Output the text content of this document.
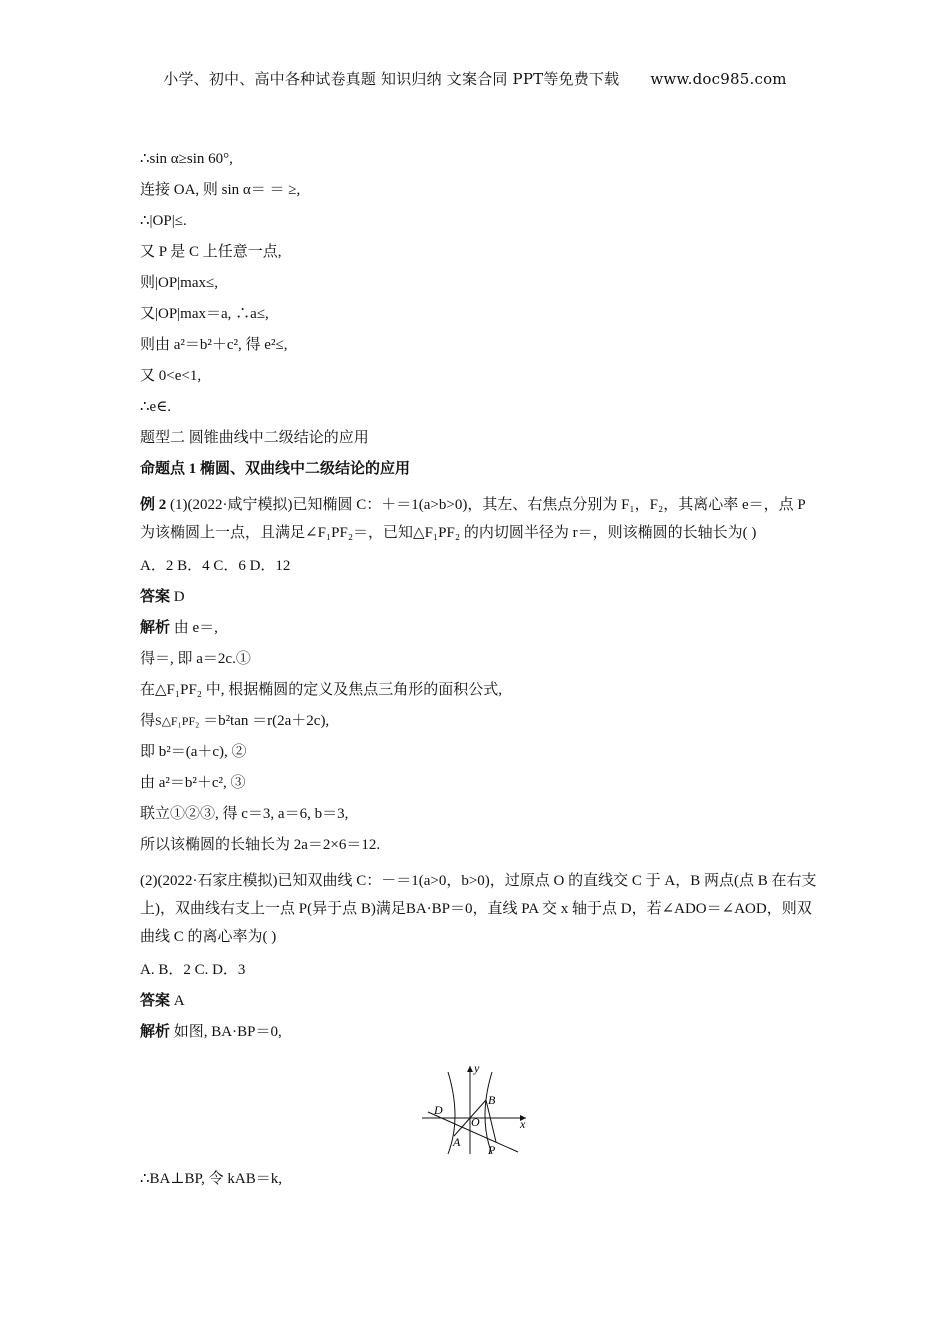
小学、初中、高中各种试卷真题 知识归纳 文案合同 PPT等免费下载 www.doc985.com
∴sin α≥sin 60°,
连接 OA, 则 sin α＝ ＝ ≥,
∴|OP|≤.
又 P 是 C 上任意一点,
则|OP|max≤,
又|OP|max＝a, ∴a≤,
则由 a²＝b²＋c², 得 e²≤,
又 0<e<1,
∴e∈.
题型二 圆锥曲线中二级结论的应用
命题点 1 椭圆、双曲线中二级结论的应用
例 2 (1)(2022·咸宁模拟)已知椭圆 C：＋＝1(a>b>0)，其左、右焦点分别为 F₁，F₂，其离心率 e＝，点 P 为该椭圆上一点，且满足∠F₁PF₂＝，已知△F₁PF₂ 的内切圆半径为 r＝，则该椭圆的长轴长为( )
A．2 B．4 C．6 D．12
答案 D
解析 由 e＝,
得＝, 即 a＝2c.①
在△F₁PF₂ 中, 根据椭圆的定义及焦点三角形的面积公式,
得S△F₁PF₂ ＝b²tan ＝r(2a＋2c),
即 b²＝(a＋c), ②
由 a²＝b²＋c², ③
联立①②③, 得 c＝3, a＝6, b＝3,
所以该椭圆的长轴长为 2a＝2×6＝12.
(2)(2022·石家庄模拟)已知双曲线 C：－＝1(a>0，b>0)，过原点 O 的直线交 C 于 A，B 两点(点 B 在右支上)，双曲线右支上一点 P(异于点 B)满足BA·BP＝0，直线 PA 交 x 轴于点 D，若∠ADO＝∠AOD，则双曲线 C 的离心率为( )
A. B．2 C. D．3
答案 A
解析 如图, BA·BP＝0,
D
O
A
B
P
y
x
∴BA⊥BP, 令 kAB＝k,
